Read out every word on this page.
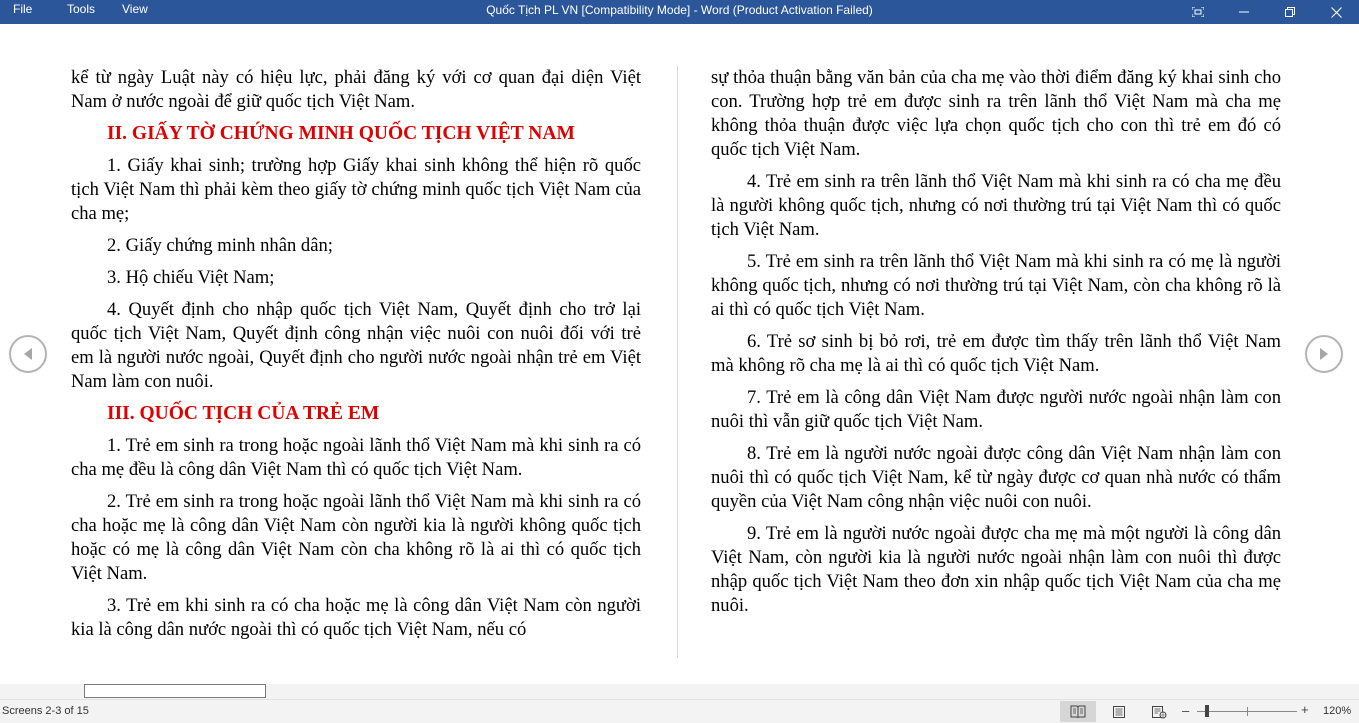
File	Tools View	Quốc Tịch PL VN [Compatibility Mode] - Word (Product Activation Failed)

kể từ ngày Luật này có hiệu lực, phải đăng ký với cơ quan đại diện Việt Nam ở nước ngoài để giữ quốc tịch Việt Nam.

II. GIẤY TỜ CHỨNG MINH QUỐC TỊCH VIỆT NAM

1. Giấy khai sinh; trường hợp Giấy khai sinh không thể hiện rõ quốc tịch Việt Nam thì phải kèm theo giấy tờ chứng minh quốc tịch Việt Nam của cha mẹ;

2. Giấy chứng minh nhân dân;

3. Hộ chiếu Việt Nam;

4. Quyết định cho nhập quốc tịch Việt Nam, Quyết định cho trở lại quốc tịch Việt Nam, Quyết định công nhận việc nuôi con nuôi đối với trẻ em là người nước ngoài, Quyết định cho người nước ngoài nhận trẻ em Việt Nam làm con nuôi.

III. QUỐC TỊCH CỦA TRẺ EM

1. Trẻ em sinh ra trong hoặc ngoài lãnh thổ Việt Nam mà khi sinh ra có cha mẹ đều là công dân Việt Nam thì có quốc tịch Việt Nam.

2. Trẻ em sinh ra trong hoặc ngoài lãnh thổ Việt Nam mà khi sinh ra có cha hoặc mẹ là công dân Việt Nam còn người kia là người không quốc tịch hoặc có mẹ là công dân Việt Nam còn cha không rõ là ai thì có quốc tịch Việt Nam.

3. Trẻ em khi sinh ra có cha hoặc mẹ là công dân Việt Nam còn người kia là công dân nước ngoài thì có quốc tịch Việt Nam, nếu có

sự thỏa thuận bằng văn bản của cha mẹ vào thời điểm đăng ký khai sinh cho con. Trường hợp trẻ em được sinh ra trên lãnh thổ Việt Nam mà cha mẹ không thỏa thuận được việc lựa chọn quốc tịch cho con thì trẻ em đó có quốc tịch Việt Nam.

4. Trẻ em sinh ra trên lãnh thổ Việt Nam mà khi sinh ra có cha mẹ đều là người không quốc tịch, nhưng có nơi thường trú tại Việt Nam thì có quốc tịch Việt Nam.

5. Trẻ em sinh ra trên lãnh thổ Việt Nam mà khi sinh ra có mẹ là người không quốc tịch, nhưng có nơi thường trú tại Việt Nam, còn cha không rõ là ai thì có quốc tịch Việt Nam.

6. Trẻ sơ sinh bị bỏ rơi, trẻ em được tìm thấy trên lãnh thổ Việt Nam mà không rõ cha mẹ là ai thì có quốc tịch Việt Nam.

7. Trẻ em là công dân Việt Nam được người nước ngoài nhận làm con nuôi thì vẫn giữ quốc tịch Việt Nam.

8. Trẻ em là người nước ngoài được công dân Việt Nam nhận làm con nuôi thì có quốc tịch Việt Nam, kể từ ngày được cơ quan nhà nước có thẩm quyền của Việt Nam công nhận việc nuôi con nuôi.

9. Trẻ em là người nước ngoài được cha mẹ mà một người là công dân Việt Nam, còn người kia là người nước ngoài nhận làm con nuôi thì được nhập quốc tịch Việt Nam theo đơn xin nhập quốc tịch Việt Nam của cha mẹ nuôi.

Screens 2-3 of 15	–	+ 120%
